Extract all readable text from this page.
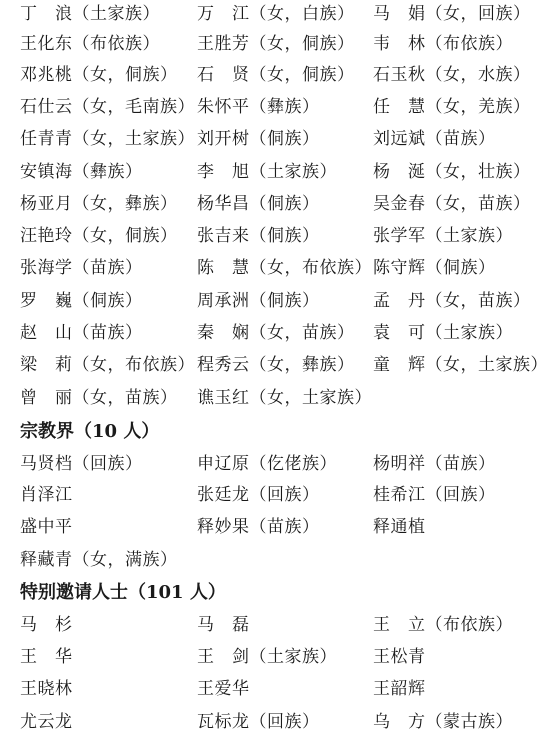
丁　浪（土家族） 万　江（女，白族） 马　娟（女，回族）
王化东（布依族） 王胜芳（女，侗族） 韦　林（布依族）
邓兆桃（女，侗族） 石　贤（女，侗族） 石玉秋（女，水族）
石仕云（女，毛南族） 朱怀平（彝族）	任　慧（女，羌族）
任青青（女，土家族） 刘开树（侗族）	刘远斌（苗族）
安镇海（彝族）	李　旭（土家族） 杨　涎（女，壮族）
杨亚月（女，彝族） 杨华昌（侗族）	吴金春（女，苗族）
汪艳玲（女，侗族） 张吉来（侗族）	张学军（土家族）
张海学（苗族）	陈　慧（女，布依族） 陈守辉（侗族）
罗　巍（侗族）	周承洲（侗族）	孟　丹（女，苗族）
赵　山（苗族）	秦　娴（女，苗族） 袁　可（土家族）
梁　莉（女，布依族） 程秀云（女，彝族） 童　辉（女，土家族）
曾　丽（女，苗族） 谯玉红（女，土家族）
宗教界（10 人）
马贤档（回族）	申辽原（仡佬族） 杨明祥（苗族）
肖泽江	张廷龙（回族）	桂希江（回族）
盛中平	释妙果（苗族）	释通植
释藏青（女，满族）
特别邀请人士（101 人）
马　杉	马　磊	王　立（布依族）
王　华	王　剑（土家族） 王松青
王晓林	王爱华	王韶辉
尤云龙	瓦标龙（回族）	乌　方（蒙古族）
